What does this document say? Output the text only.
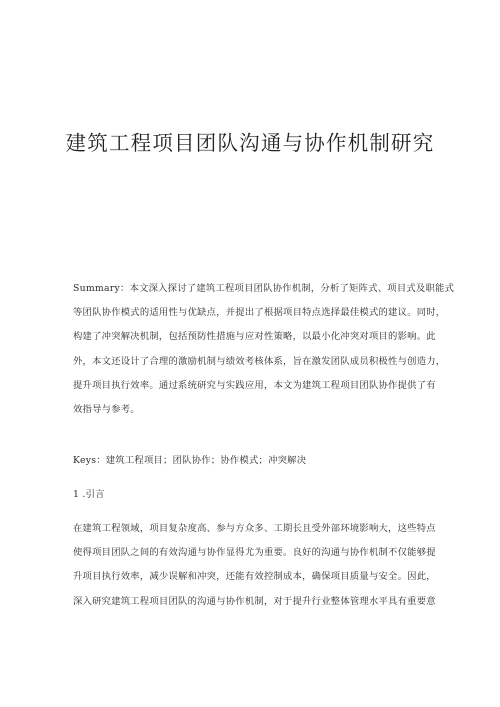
建筑工程项目团队沟通与协作机制研究
Summary：本文深入探讨了建筑工程项目团队协作机制，分析了矩阵式、项目式及职能式
等团队协作模式的适用性与优缺点，并提出了根据项目特点选择最佳模式的建议。同时，
构建了冲突解决机制，包括预防性措施与应对性策略，以最小化冲突对项目的影响。此
外，本文还设计了合理的激励机制与绩效考核体系，旨在激发团队成员积极性与创造力，
提升项目执行效率。通过系统研究与实践应用，本文为建筑工程项目团队协作提供了有
效指导与参考。
Keys：建筑工程项目；团队协作；协作模式；冲突解决
1 .引言
在建筑工程领域，项目复杂度高、参与方众多、工期长且受外部环境影响大，这些特点
使得项目团队之间的有效沟通与协作显得尤为重要。良好的沟通与协作机制不仅能够提
升项目执行效率，减少误解和冲突，还能有效控制成本，确保项目质量与安全。因此，
深入研究建筑工程项目团队的沟通与协作机制，对于提升行业整体管理水平具有重要意
